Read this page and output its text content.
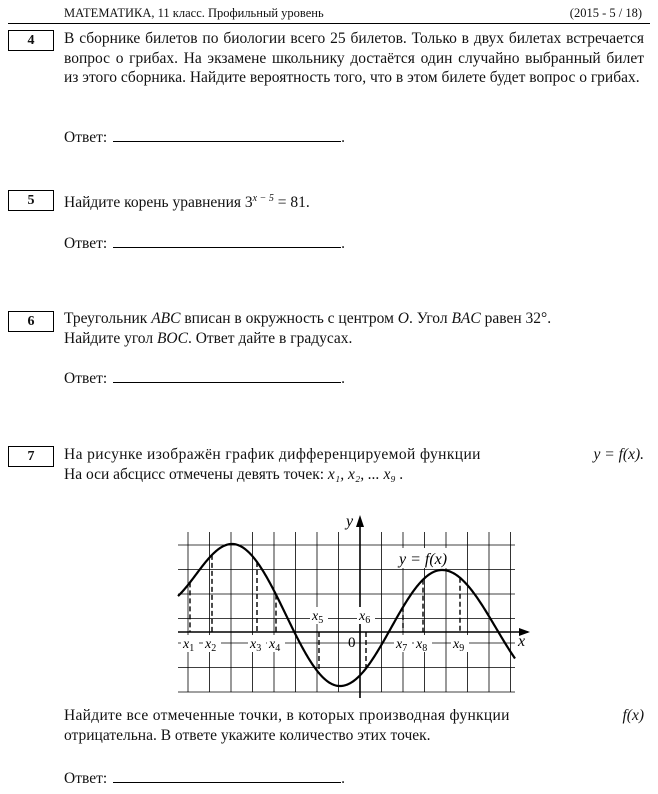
МАТЕМАТИКА, 11 класс. Профильный уровень	(2015 - 5 / 18)
4	В сборнике билетов по биологии всего 25 билетов. Только в двух билетах встречается вопрос о грибах. На экзамене школьнику достаётся один случайно выбранный билет из этого сборника. Найдите вероятность того, что в этом билете будет вопрос о грибах.
Ответ:	.
5	Найдите корень уравнения $3^{x - 5} = 81$.
Ответ:	.
6	Треугольник ABC вписан в окружность с центром O. Угол BAC равен 32°.
Найдите угол BOC. Ответ дайте в градусах.
Ответ:	.
7	На рисунке изображён график дифференцируемой функции	y = f(x).
На оси абсцисс отмечены девять точек: x₁, x₂, ... x₉ .
y
x
0
y = f(x)
$x_1$ $x_2$ $x_3$ $x_4$
$x_5$	$x_6$
$x_7$ $x_8$ $x_9$
Найдите все отмеченные точки, в которых производная функции	f(x)
отрицательна. В ответе укажите количество этих точек.
Ответ:	.
